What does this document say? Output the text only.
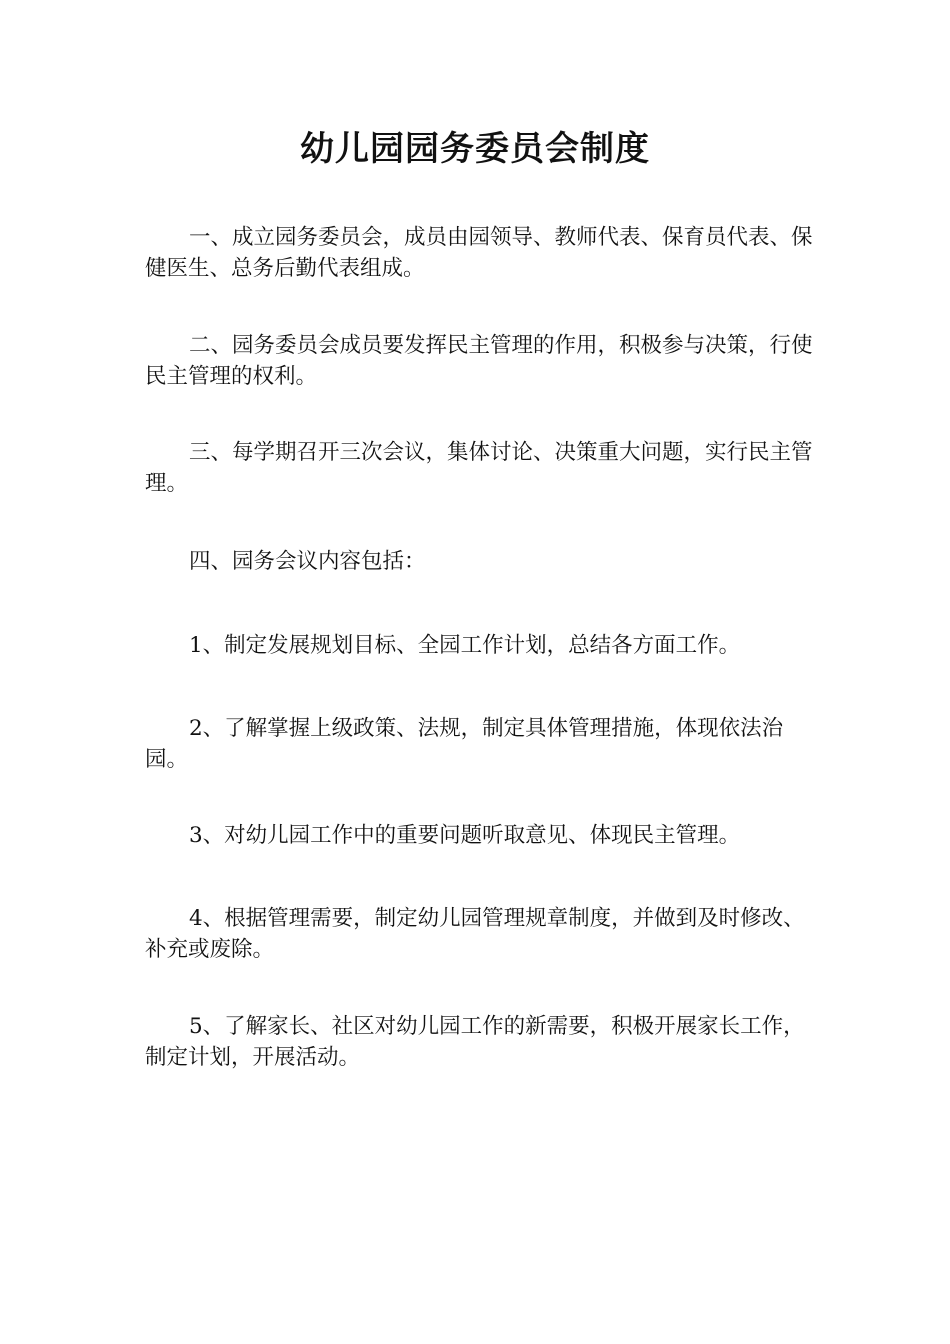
幼儿园园务委员会制度

一、成立园务委员会，成员由园领导、教师代表、保育员代表、保健医生、总务后勤代表组成。

二、园务委员会成员要发挥民主管理的作用，积极参与决策，行使民主管理的权利。

三、每学期召开三次会议，集体讨论、决策重大问题，实行民主管理。

四、园务会议内容包括：

1、制定发展规划目标、全园工作计划，总结各方面工作。

2、了解掌握上级政策、法规，制定具体管理措施，体现依法治园。

3、对幼儿园工作中的重要问题听取意见、体现民主管理。

4、根据管理需要，制定幼儿园管理规章制度，并做到及时修改、补充或废除。

5、了解家长、社区对幼儿园工作的新需要，积极开展家长工作，制定计划，开展活动。
